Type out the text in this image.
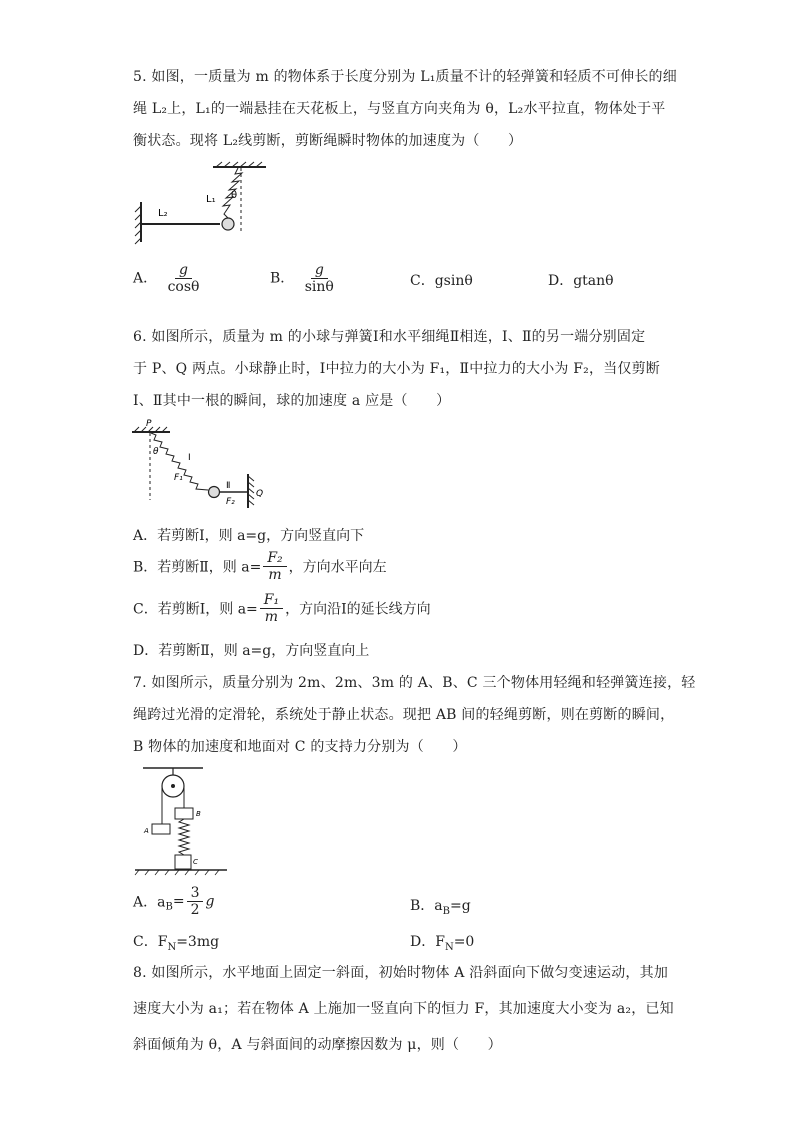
5. 如图，一质量为 m 的物体系于长度分别为 L₁质量不计的轻弹簧和轻质不可伸长的细
绳 L₂上，L₁的一端悬挂在天花板上，与竖直方向夹角为 θ，L₂水平拉直，物体处于平
衡状态。现将 L₂线剪断，剪断绳瞬时物体的加速度为（　　）
L₂
L₁ θ
A． $\frac{g}{\cos\theta}$	B． $\frac{g}{\sin\theta}$	C．gsinθ	D．gtanθ
6. 如图所示，质量为 m 的小球与弹簧Ⅰ和水平细绳Ⅱ相连，Ⅰ、Ⅱ的另一端分别固定
于 P、Q 两点。小球静止时，Ⅰ中拉力的大小为 F₁，Ⅱ中拉力的大小为 F₂，当仅剪断
Ⅰ、Ⅱ其中一根的瞬间，球的加速度 a 应是（　　）
P
θ
I
F₁
Ⅱ
F₂
Q
A．若剪断Ⅰ，则 a=g，方向竖直向下
B．若剪断Ⅱ，则 $a= \frac{\text{F₂}}{m}$ ，方向水平向左
C．若剪断Ⅰ，则 $a= \frac{\text{F₁}}{m}$ ，方向沿Ⅰ的延长线方向
D．若剪断Ⅱ，则 a=g，方向竖直向上
7. 如图所示，质量分别为 2m、2m、3m 的 A、B、C 三个物体用轻绳和轻弹簧连接，轻
绳跨过光滑的定滑轮，系统处于静止状态。现把 AB 间的轻绳剪断，则在剪断的瞬间，
B 物体的加速度和地面对 C 的支持力分别为（　　）
A
B
C
A．$a_B= \frac{3}{2}$ g	B．$a_B=g$
C．$F_N=3mg$	D．$F_N=0$
8. 如图所示，水平地面上固定一斜面，初始时物体 A 沿斜面向下做匀变速运动，其加
速度大小为 a₁；若在物体 A 上施加一竖直向下的恒力 F，其加速度大小变为 a₂，已知
斜面倾角为 θ，A 与斜面间的动摩擦因数为 μ，则（　　）
